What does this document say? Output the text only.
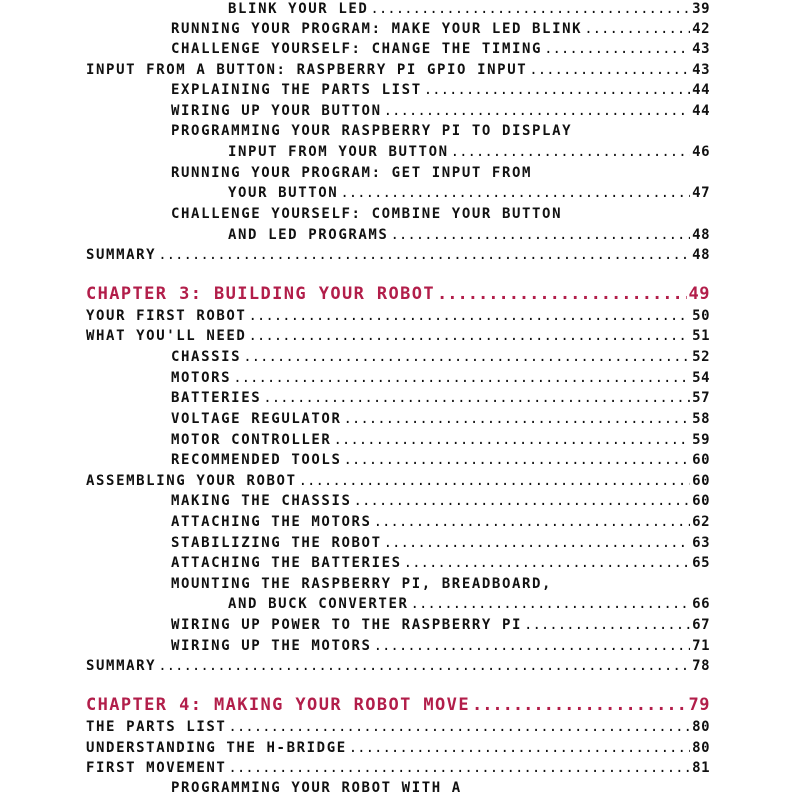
BLINK YOUR LED .....	39
RUNNING YOUR PROGRAM: MAKE YOUR LED BLINK .....	42
CHALLENGE YOURSELF: CHANGE THE TIMING .....	43
INPUT FROM A BUTTON: RASPBERRY PI GPIO INPUT .....	43
EXPLAINING THE PARTS LIST .....	44
WIRING UP YOUR BUTTON .....	44
PROGRAMMING YOUR RASPBERRY PI TO DISPLAY
INPUT FROM YOUR BUTTON .....	46
RUNNING YOUR PROGRAM: GET INPUT FROM
YOUR BUTTON .....	47
CHALLENGE YOURSELF: COMBINE YOUR BUTTON
AND LED PROGRAMS .....	48
SUMMARY .....	48
CHAPTER 3: BUILDING YOUR ROBOT .....	49
YOUR FIRST ROBOT .....	50
WHAT YOU'LL NEED .....	51
CHASSIS .....	52
MOTORS .....	54
BATTERIES .....	57
VOLTAGE REGULATOR .....	58
MOTOR CONTROLLER .....	59
RECOMMENDED TOOLS .....	60
ASSEMBLING YOUR ROBOT .....	60
MAKING THE CHASSIS .....	60
ATTACHING THE MOTORS .....	62
STABILIZING THE ROBOT .....	63
ATTACHING THE BATTERIES .....	65
MOUNTING THE RASPBERRY PI, BREADBOARD,
AND BUCK CONVERTER .....	66
WIRING UP POWER TO THE RASPBERRY PI .....	67
WIRING UP THE MOTORS .....	71
SUMMARY .....	78
CHAPTER 4: MAKING YOUR ROBOT MOVE .....	79
THE PARTS LIST .....	80
UNDERSTANDING THE H-BRIDGE .....	80
FIRST MOVEMENT .....	81
PROGRAMMING YOUR ROBOT WITH A
